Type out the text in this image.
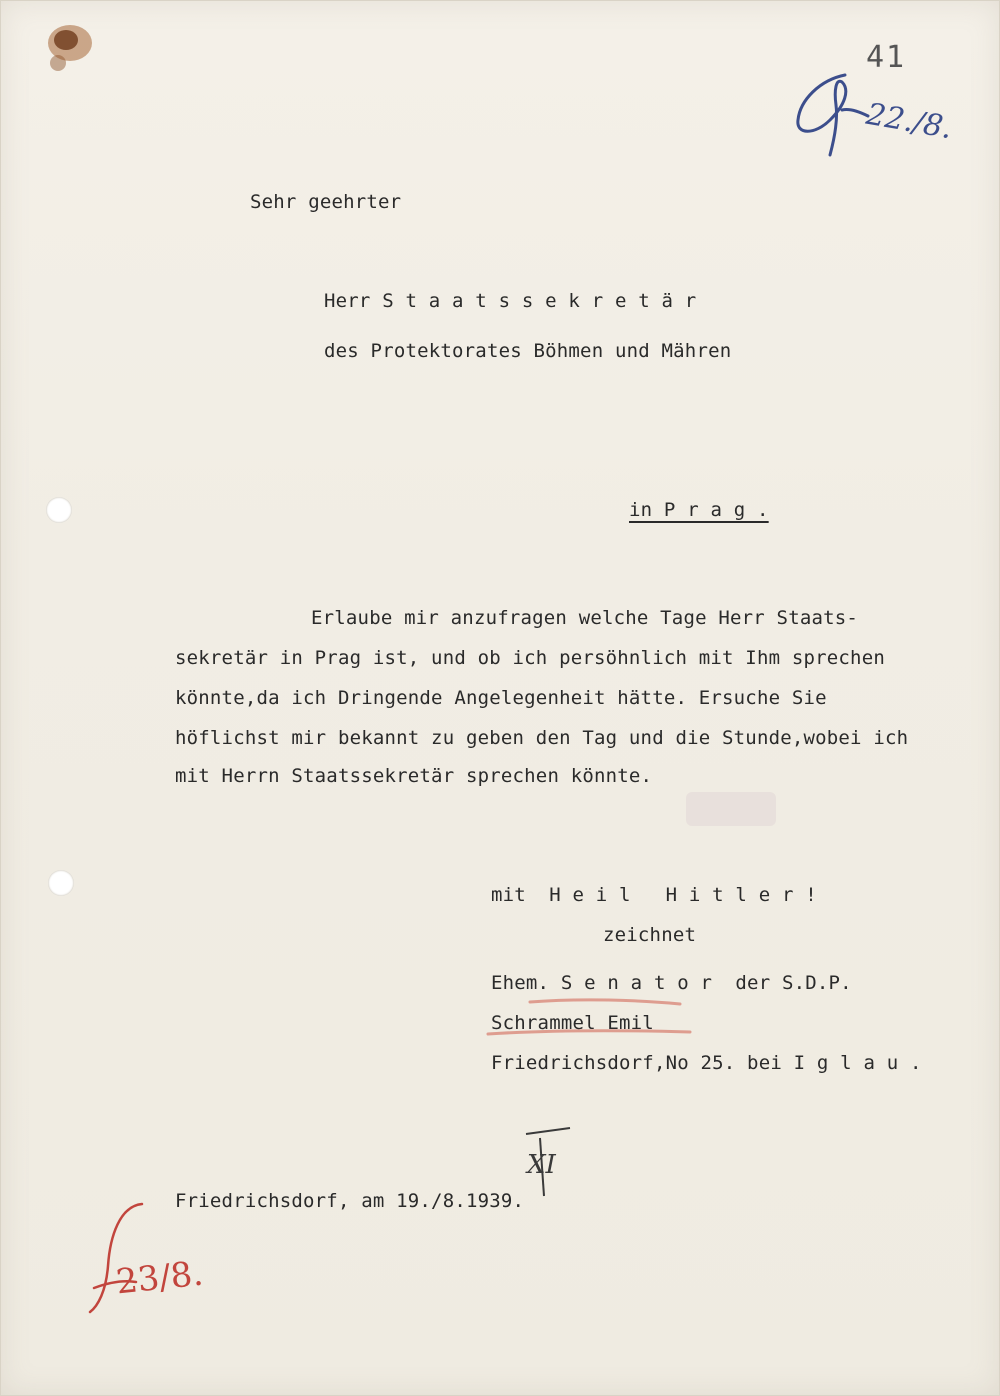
41
22./8.
Sehr geehrter
Herr S t a a t s s e k r e t ä r
des Protektorates Böhmen und Mähren
in P r a g .
Erlaube mir anzufragen welche Tage Herr Staats-
sekretär in Prag ist, und ob ich persöhnlich mit Ihm sprechen
könnte,da ich Dringende Angelegenheit hätte. Ersuche Sie
höflichst mir bekannt zu geben den Tag und die Stunde,wobei ich
mit Herrn Staatssekretär sprechen könnte.
mit  H e i l   H i t l e r !
zeichnet
Ehem. S e n a t o r  der S.D.P.
Schrammel Emil
Friedrichsdorf,No 25. bei I g l a u .
XI
Friedrichsdorf, am 19./8.1939.
23/8.
